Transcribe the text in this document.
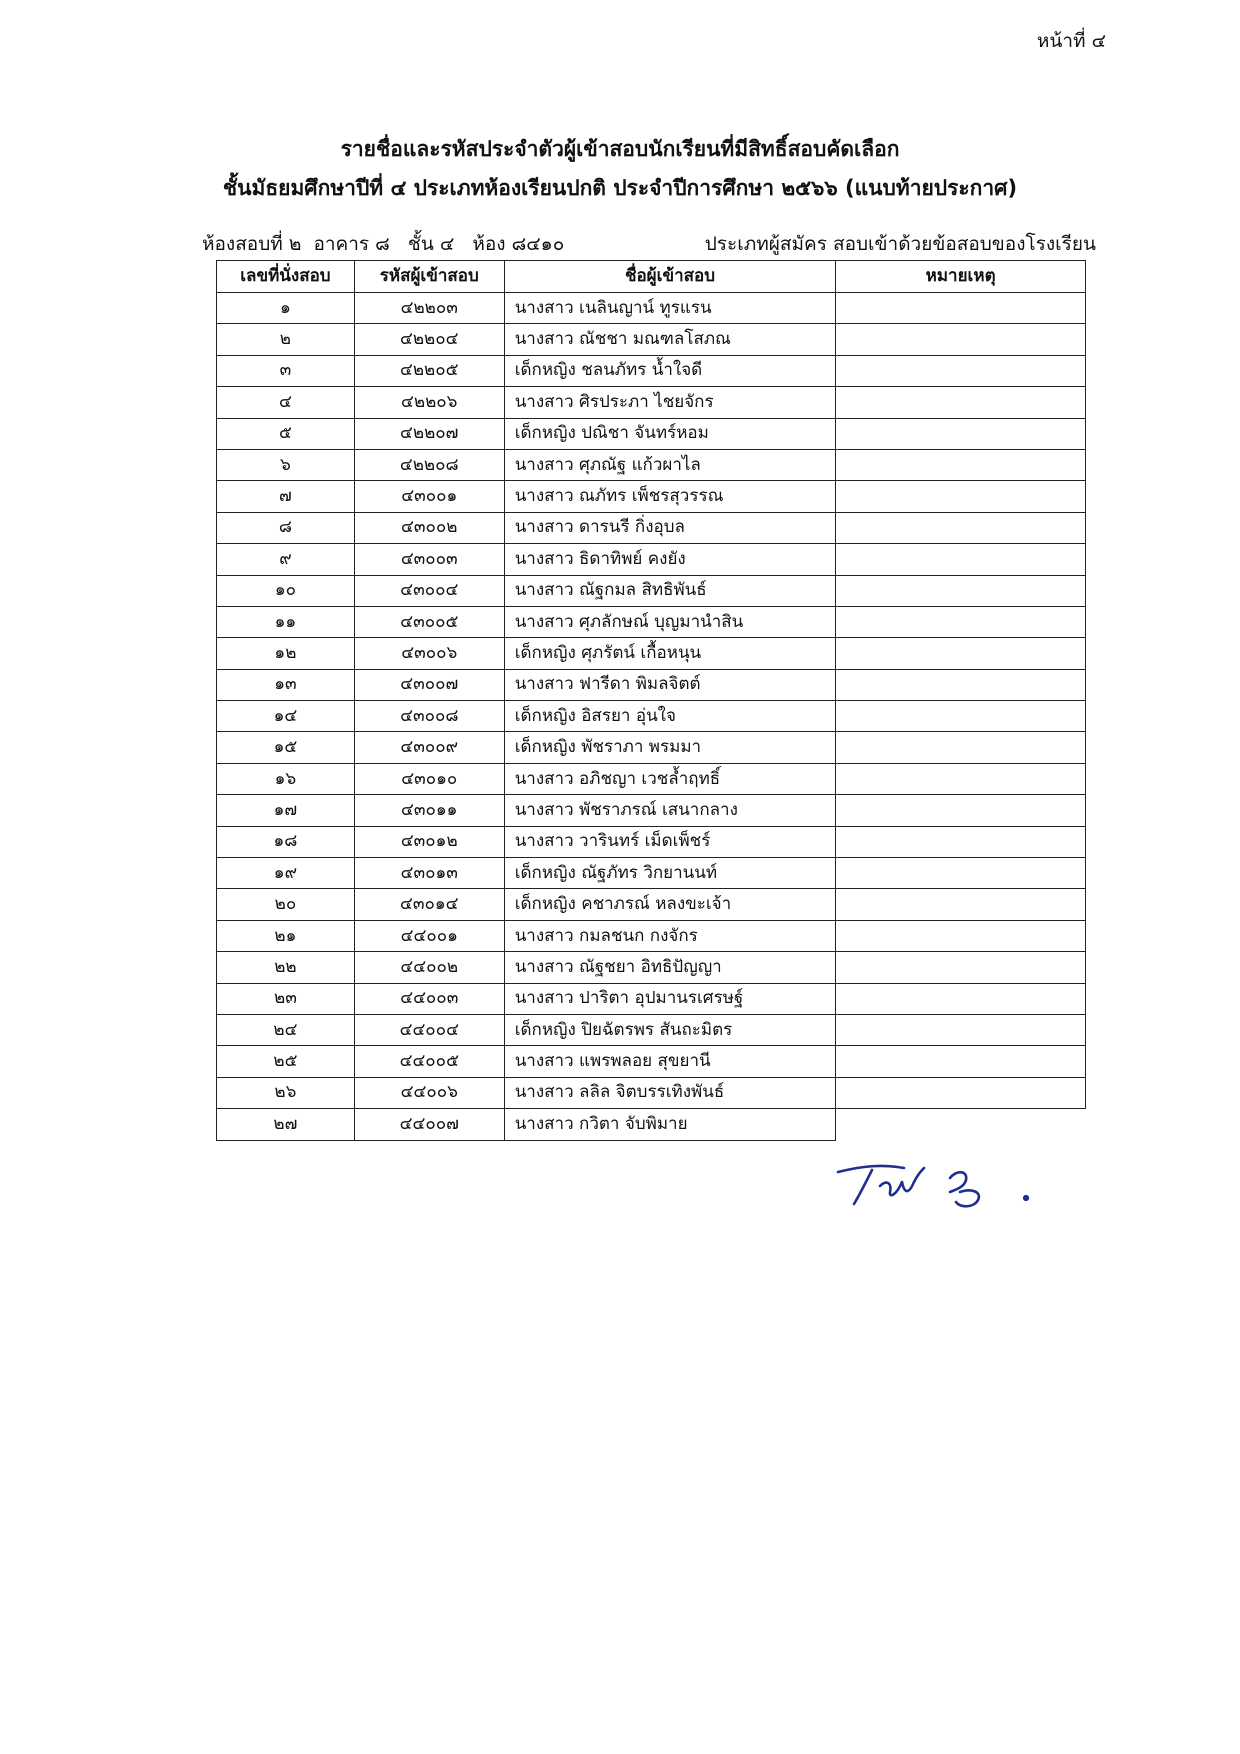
หน้าที่ ๔
รายชื่อและรหัสประจำตัวผู้เข้าสอบนักเรียนที่มีสิทธิ์สอบคัดเลือก
ชั้นมัธยมศึกษาปีที่ ๔ ประเภทห้องเรียนปกติ ประจำปีการศึกษา ๒๕๖๖ (แนบท้ายประกาศ)
ห้องสอบที่ ๒  อาคาร ๘   ชั้น ๔   ห้อง ๘๔๑๐	ประเภทผู้สมัคร สอบเข้าด้วยข้อสอบของโรงเรียน
เลขที่นั่งสอบ	รหัสผู้เข้าสอบ	ชื่อผู้เข้าสอบ	หมายเหตุ
๑	๔๒๒๐๓	นางสาว เนลินญาน์ ทูรแรน	
๒	๔๒๒๐๔	นางสาว ณัชชา มณฑลโสภณ	
๓	๔๒๒๐๕	เด็กหญิง ชลนภัทร น้ำใจดี	
๔	๔๒๒๐๖	นางสาว ศิรประภา ไชยจักร	
๕	๔๒๒๐๗	เด็กหญิง ปณิชา จันทร์หอม	
๖	๔๒๒๐๘	นางสาว ศุภณัฐ แก้วผาไล	
๗	๔๓๐๐๑	นางสาว ณภัทร เพ็ชรสุวรรณ	
๘	๔๓๐๐๒	นางสาว ดารนรี กิ่งอุบล	
๙	๔๓๐๐๓	นางสาว ธิดาทิพย์ คงยัง	
๑๐	๔๓๐๐๔	นางสาว ณัฐกมล สิทธิพันธ์	
๑๑	๔๓๐๐๕	นางสาว ศุภลักษณ์ บุญมานำสิน	
๑๒	๔๓๐๐๖	เด็กหญิง ศุภรัตน์ เกื้อหนุน	
๑๓	๔๓๐๐๗	นางสาว ฟารีดา พิมลจิตต์	
๑๔	๔๓๐๐๘	เด็กหญิง อิสรยา อุ่นใจ	
๑๕	๔๓๐๐๙	เด็กหญิง พัชราภา พรมมา	
๑๖	๔๓๐๑๐	นางสาว อภิชญา เวชล้ำฤทธิ์	
๑๗	๔๓๐๑๑	นางสาว พัชราภรณ์ เสนากลาง	
๑๘	๔๓๐๑๒	นางสาว วารินทร์ เม็ดเพ็ชร์	
๑๙	๔๓๐๑๓	เด็กหญิง ณัฐภัทร วิกยานนท์	
๒๐	๔๓๐๑๔	เด็กหญิง คชาภรณ์ หลงขะเจ้า	
๒๑	๔๔๐๐๑	นางสาว กมลชนก กงจักร	
๒๒	๔๔๐๐๒	นางสาว ณัฐชยา อิทธิปัญญา	
๒๓	๔๔๐๐๓	นางสาว ปาริตา อุปมานรเศรษฐ์	
๒๔	๔๔๐๐๔	เด็กหญิง ปิยฉัตรพร สันถะมิตร	
๒๕	๔๔๐๐๕	นางสาว แพรพลอย สุขยานี	
๒๖	๔๔๐๐๖	นางสาว ลลิล จิตบรรเทิงพันธ์	
๒๗	๔๔๐๐๗	นางสาว กวิตา จับพิมาย	
